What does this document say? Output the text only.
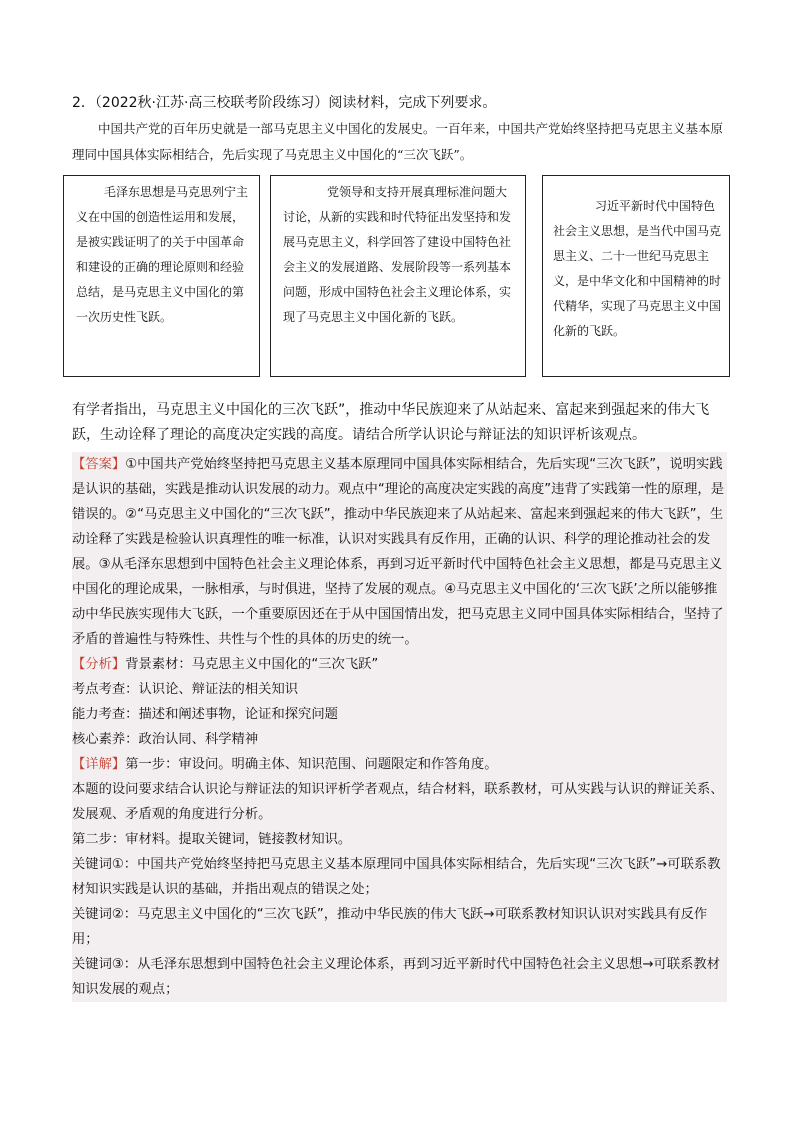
2．（2022秋·江苏·高三校联考阶段练习）阅读材料，完成下列要求。
中国共产党的百年历史就是一部马克思主义中国化的发展史。一百年来，中国共产党始终坚持把马克思主义基本原理同中国具体实际相结合，先后实现了马克思主义中国化的“三次飞跃”。

毛泽东思想是马克思列宁主义在中国的创造性运用和发展，是被实践证明了的关于中国革命和建设的正确的理论原则和经验总结，是马克思主义中国化的第一次历史性飞跃。

党领导和支持开展真理标准问题大讨论，从新的实践和时代特征出发坚持和发展马克思主义，科学回答了建设中国特色社会主义的发展道路、发展阶段等一系列基本问题，形成中国特色社会主义理论体系，实现了马克思主义中国化新的飞跃。

习近平新时代中国特色社会主义思想，是当代中国马克思主义、二十一世纪马克思主义，是中华文化和中国精神的时代精华，实现了马克思主义中国化新的飞跃。

有学者指出，马克思主义中国化的三次飞跃”，推动中华民族迎来了从站起来、富起来到强起来的伟大飞跃，生动诠释了理论的高度决定实践的高度。请结合所学认识论与辩证法的知识评析该观点。

【答案】①中国共产党始终坚持把马克思主义基本原理同中国具体实际相结合，先后实现“三次飞跃”，说明实践是认识的基础，实践是推动认识发展的动力。观点中“理论的高度决定实践的高度”违背了实践第一性的原理，是错误的。②“马克思主义中国化的“三次飞跃”，推动中华民族迎来了从站起来、富起来到强起来的伟大飞跃”，生动诠释了实践是检验认识真理性的唯一标准，认识对实践具有反作用，正确的认识、科学的理论推动社会的发展。③从毛泽东思想到中国特色社会主义理论体系，再到习近平新时代中国特色社会主义思想，都是马克思主义中国化的理论成果，一脉相承，与时俱进，坚持了发展的观点。④马克思主义中国化的‘三次飞跃’之所以能够推动中华民族实现伟大飞跃，一个重要原因还在于从中国国情出发，把马克思主义同中国具体实际相结合，坚持了矛盾的普遍性与特殊性、共性与个性的具体的历史的统一。

【分析】背景素材：马克思主义中国化的“三次飞跃”

考点考查：认识论、辩证法的相关知识

能力考查：描述和阐述事物，论证和探究问题

核心素养：政治认同、科学精神

【详解】第一步：审设问。明确主体、知识范围、问题限定和作答角度。

本题的设问要求结合认识论与辩证法的知识评析学者观点，结合材料，联系教材，可从实践与认识的辩证关系、发展观、矛盾观的角度进行分析。

第二步：审材料。提取关键词，链接教材知识。

关键词①：中国共产党始终坚持把马克思主义基本原理同中国具体实际相结合，先后实现“三次飞跃”→可联系教材知识实践是认识的基础，并指出观点的错误之处；

关键词②：马克思主义中国化的“三次飞跃”，推动中华民族的伟大飞跃→可联系教材知识认识对实践具有反作用；

关键词③：从毛泽东思想到中国特色社会主义理论体系，再到习近平新时代中国特色社会主义思想→可联系教材知识发展的观点；
